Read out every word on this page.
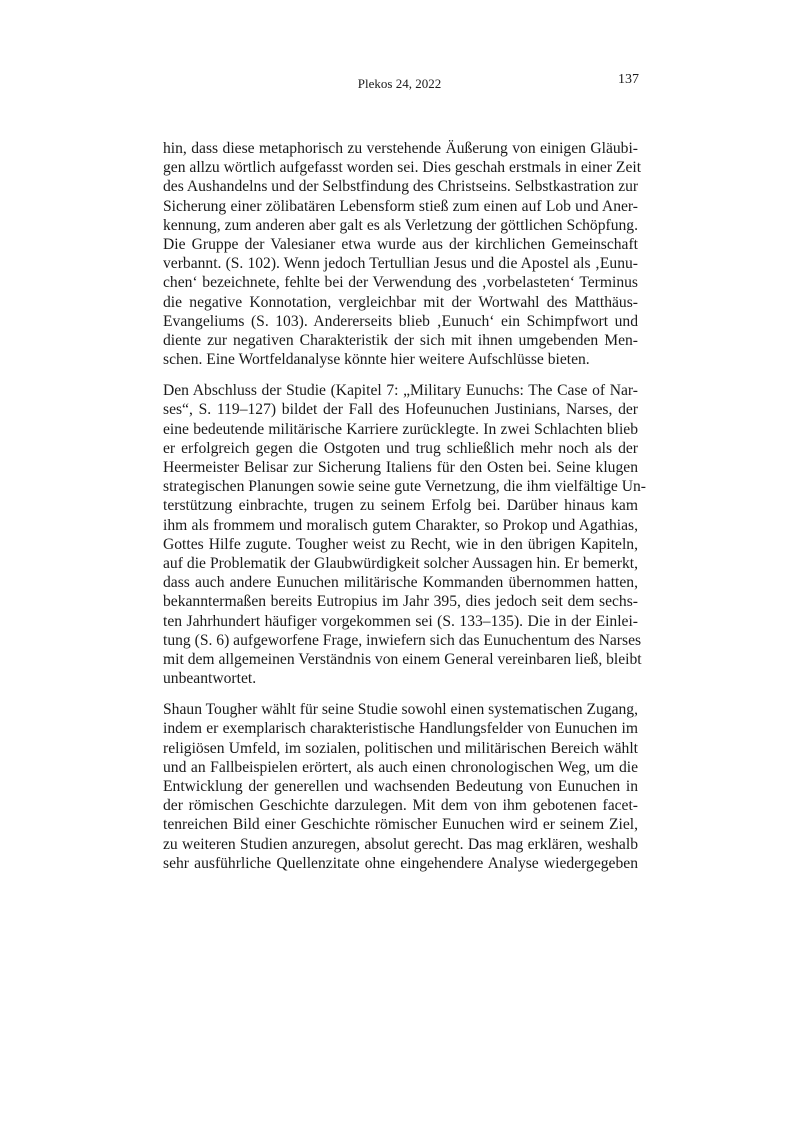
Plekos 24, 2022	137

hin, dass diese metaphorisch zu verstehende Äußerung von einigen Gläubi-
gen allzu wörtlich aufgefasst worden sei. Dies geschah erstmals in einer Zeit
des Aushandelns und der Selbstfindung des Christseins. Selbstkastration zur
Sicherung einer zölibatären Lebensform stieß zum einen auf Lob und Aner-
kennung, zum anderen aber galt es als Verletzung der göttlichen Schöpfung.
Die Gruppe der Valesianer etwa wurde aus der kirchlichen Gemeinschaft
verbannt. (S. 102). Wenn jedoch Tertullian Jesus und die Apostel als ‚Eunu-
chen‘ bezeichnete, fehlte bei der Verwendung des ‚vorbelasteten‘ Terminus
die negative Konnotation, vergleichbar mit der Wortwahl des Matthäus-
Evangeliums (S. 103). Andererseits blieb ‚Eunuch‘ ein Schimpfwort und
diente zur negativen Charakteristik der sich mit ihnen umgebenden Men-
schen. Eine Wortfeldanalyse könnte hier weitere Aufschlüsse bieten.

Den Abschluss der Studie (Kapitel 7: „Military Eunuchs: The Case of Nar-
ses“, S. 119–127) bildet der Fall des Hofeunuchen Justinians, Narses, der
eine bedeutende militärische Karriere zurücklegte. In zwei Schlachten blieb
er erfolgreich gegen die Ostgoten und trug schließlich mehr noch als der
Heermeister Belisar zur Sicherung Italiens für den Osten bei. Seine klugen
strategischen Planungen sowie seine gute Vernetzung, die ihm vielfältige Un-
terstützung einbrachte, trugen zu seinem Erfolg bei. Darüber hinaus kam
ihm als frommem und moralisch gutem Charakter, so Prokop und Agathias,
Gottes Hilfe zugute. Tougher weist zu Recht, wie in den übrigen Kapiteln,
auf die Problematik der Glaubwürdigkeit solcher Aussagen hin. Er bemerkt,
dass auch andere Eunuchen militärische Kommanden übernommen hatten,
bekanntermaßen bereits Eutropius im Jahr 395, dies jedoch seit dem sechs-
ten Jahrhundert häufiger vorgekommen sei (S. 133–135). Die in der Einlei-
tung (S. 6) aufgeworfene Frage, inwiefern sich das Eunuchentum des Narses
mit dem allgemeinen Verständnis von einem General vereinbaren ließ, bleibt
unbeantwortet.

Shaun Tougher wählt für seine Studie sowohl einen systematischen Zugang,
indem er exemplarisch charakteristische Handlungsfelder von Eunuchen im
religiösen Umfeld, im sozialen, politischen und militärischen Bereich wählt
und an Fallbeispielen erörtert, als auch einen chronologischen Weg, um die
Entwicklung der generellen und wachsenden Bedeutung von Eunuchen in
der römischen Geschichte darzulegen. Mit dem von ihm gebotenen facet-
tenreichen Bild einer Geschichte römischer Eunuchen wird er seinem Ziel,
zu weiteren Studien anzuregen, absolut gerecht. Das mag erklären, weshalb
sehr ausführliche Quellenzitate ohne eingehendere Analyse wiedergegeben
